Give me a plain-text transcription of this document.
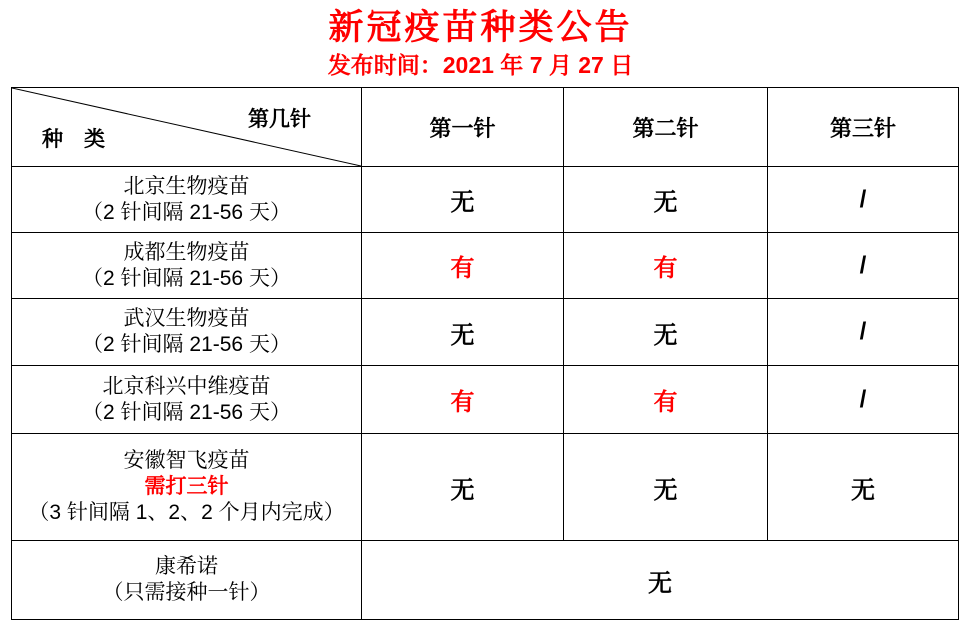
新冠疫苗种类公告
发布时间：2021 年 7 月 27 日
第几针
种　类	第一针	第二针	第三针

北京生物疫苗
（2 针间隔 21-56 天）	无	无	/

成都生物疫苗
（2 针间隔 21-56 天）	有	有	/

武汉生物疫苗
（2 针间隔 21-56 天）	无	无	/

北京科兴中维疫苗
（2 针间隔 21-56 天）	有	有	/

安徽智飞疫苗
需打三针
（3 针间隔 1、2、2 个月内完成）	无	无	无

康希诺
（只需接种一针）	无		
